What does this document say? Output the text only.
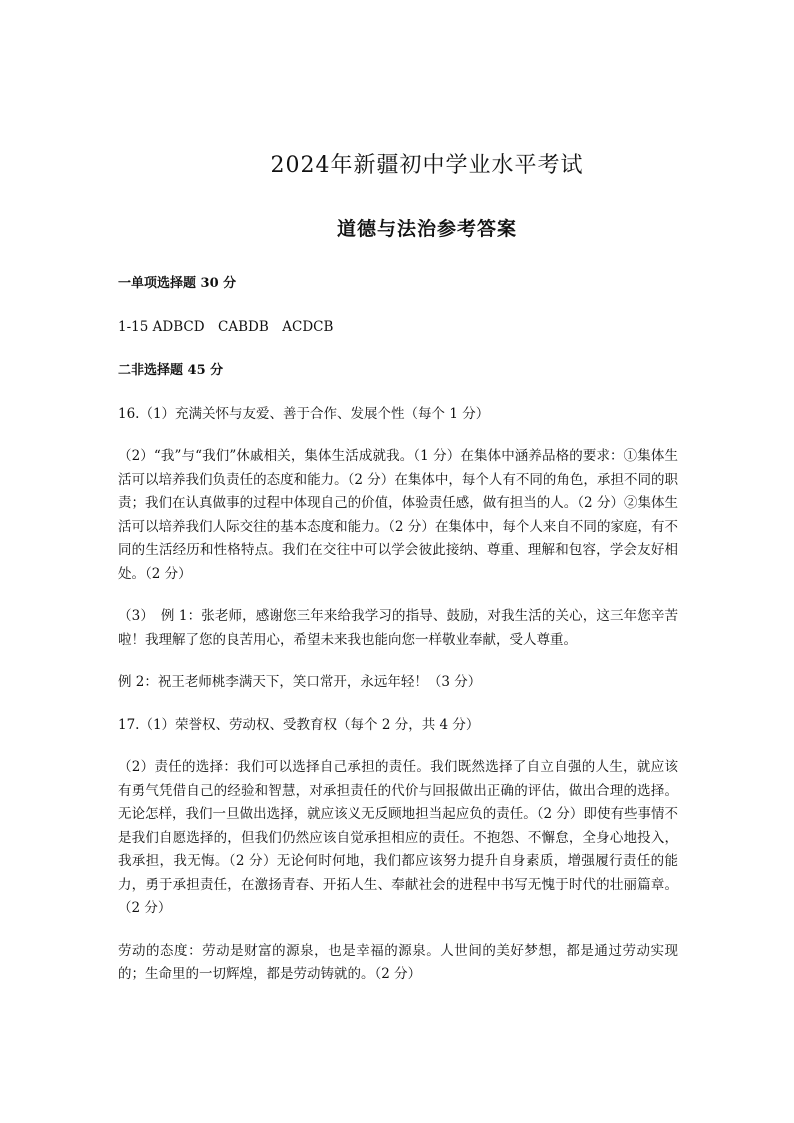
2024年新疆初中学业水平考试
道德与法治参考答案

一单项选择题 30 分

1-15 ADBCD　CABDB　ACDCB

二非选择题 45 分

16.（1）充满关怀与友爱、善于合作、发展个性（每个 1 分）

（2）“我”与“我们”休戚相关，集体生活成就我。（1 分）在集体中涵养品格的要求：①集体生活可以培养我们负责任的态度和能力。（2 分）在集体中，每个人有不同的角色，承担不同的职责；我们在认真做事的过程中体现自己的价值，体验责任感，做有担当的人。（2 分）②集体生活可以培养我们人际交往的基本态度和能力。（2 分）在集体中，每个人来自不同的家庭，有不同的生活经历和性格特点。我们在交往中可以学会彼此接纳、尊重、理解和包容，学会友好相处。（2 分）

（3）　例 1：张老师，感谢您三年来给我学习的指导、鼓励，对我生活的关心，这三年您辛苦啦！我理解了您的良苦用心，希望未来我也能向您一样敬业奉献，受人尊重。

例 2：祝王老师桃李满天下，笑口常开，永远年轻！（3 分）

17.（1）荣誉权、劳动权、受教育权（每个 2 分，共 4 分）

（2）责任的选择：我们可以选择自己承担的责任。我们既然选择了自立自强的人生，就应该有勇气凭借自己的经验和智慧，对承担责任的代价与回报做出正确的评估，做出合理的选择。无论怎样，我们一旦做出选择，就应该义无反顾地担当起应负的责任。（2 分）即使有些事情不是我们自愿选择的，但我们仍然应该自觉承担相应的责任。不抱怨、不懈怠，全身心地投入，我承担，我无悔。（2 分）无论何时何地，我们都应该努力提升自身素质，增强履行责任的能力，勇于承担责任，在激扬青春、开拓人生、奉献社会的进程中书写无愧于时代的壮丽篇章。（2 分）

劳动的态度：劳动是财富的源泉，也是幸福的源泉。人世间的美好梦想，都是通过劳动实现的；生命里的一切辉煌，都是劳动铸就的。（2 分）
